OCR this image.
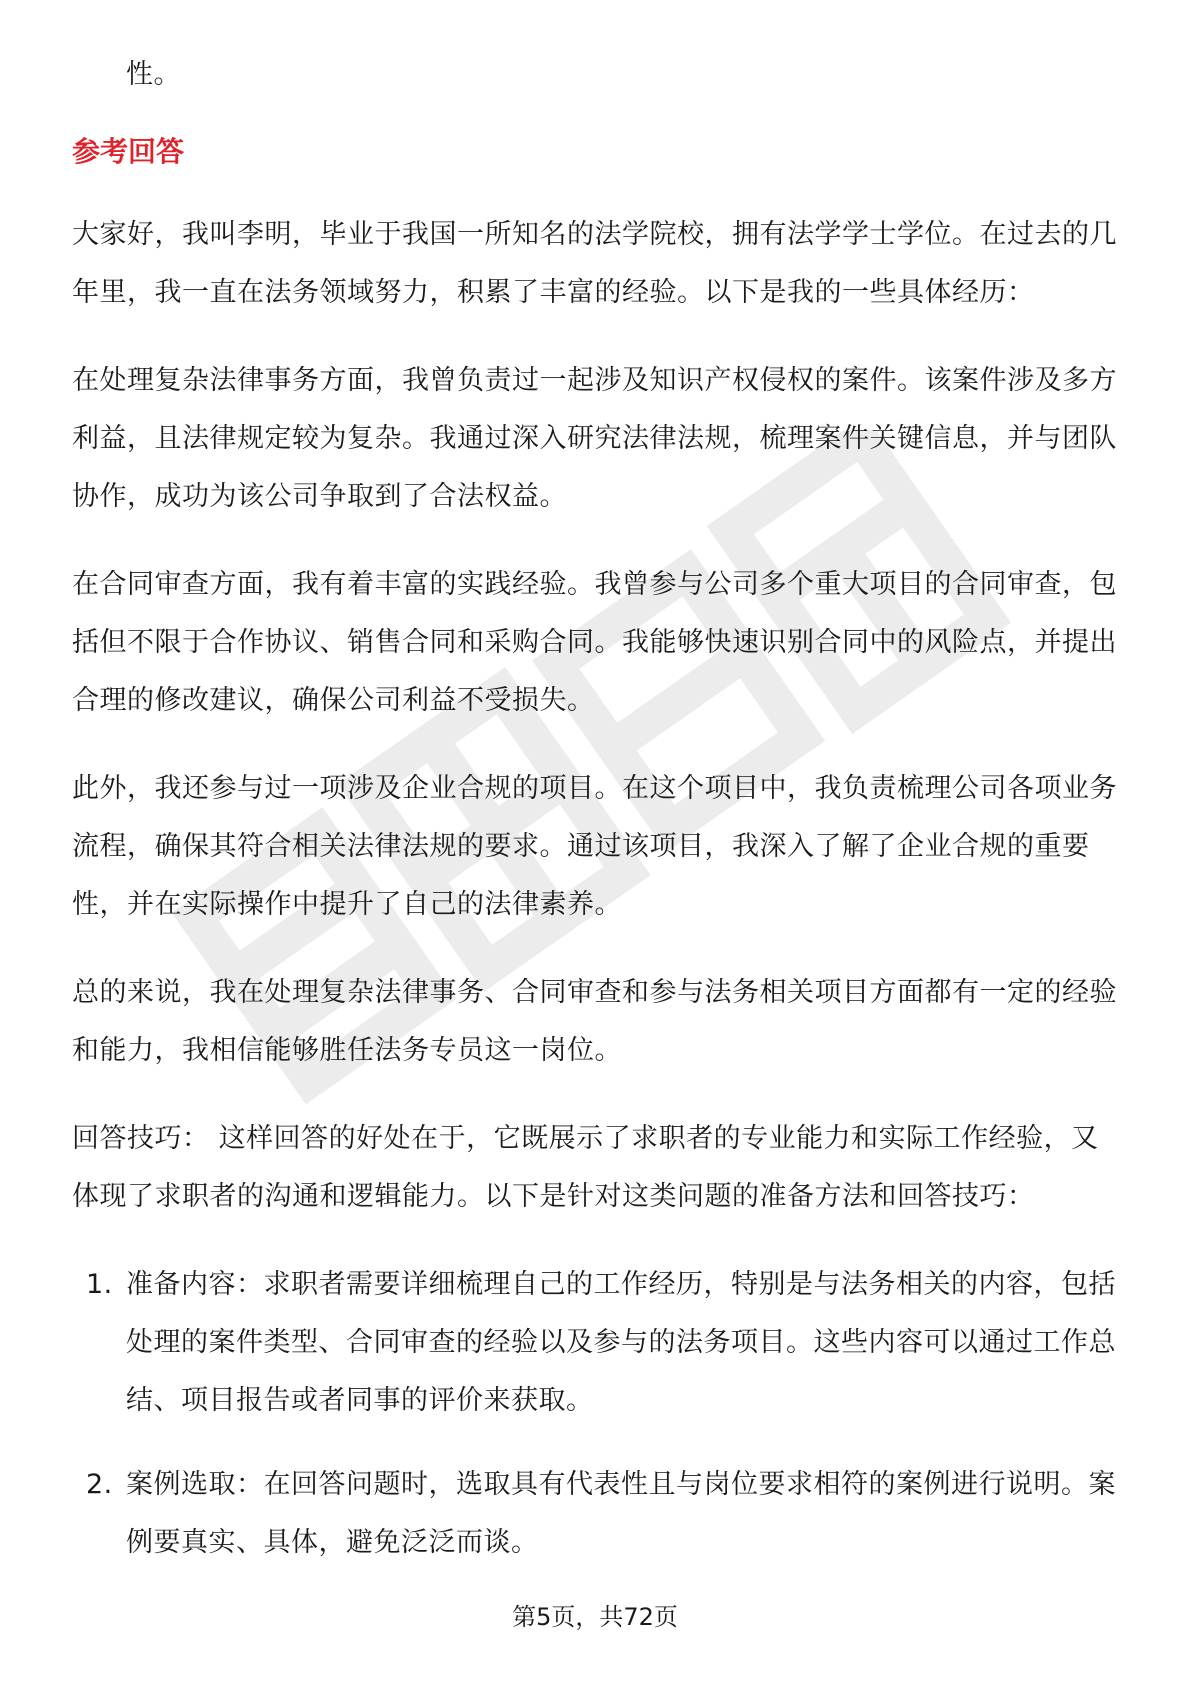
性。

参考回答

大家好，我叫李明，毕业于我国一所知名的法学院校，拥有法学学士学位。在过去的几年里，我一直在法务领域努力，积累了丰富的经验。以下是我的一些具体经历：

在处理复杂法律事务方面，我曾负责过一起涉及知识产权侵权的案件。该案件涉及多方利益，且法律规定较为复杂。我通过深入研究法律法规，梳理案件关键信息，并与团队协作，成功为该公司争取到了合法权益。

在合同审查方面，我有着丰富的实践经验。我曾参与公司多个重大项目的合同审查，包括但不限于合作协议、销售合同和采购合同。我能够快速识别合同中的风险点，并提出合理的修改建议，确保公司利益不受损失。

此外，我还参与过一项涉及企业合规的项目。在这个项目中，我负责梳理公司各项业务流程，确保其符合相关法律法规的要求。通过该项目，我深入了解了企业合规的重要性，并在实际操作中提升了自己的法律素养。

总的来说，我在处理复杂法律事务、合同审查和参与法务相关项目方面都有一定的经验和能力，我相信能够胜任法务专员这一岗位。

回答技巧： 这样回答的好处在于，它既展示了求职者的专业能力和实际工作经验，又体现了求职者的沟通和逻辑能力。以下是针对这类问题的准备方法和回答技巧：

1. 准备内容：求职者需要详细梳理自己的工作经历，特别是与法务相关的内容，包括处理的案件类型、合同审查的经验以及参与的法务项目。这些内容可以通过工作总结、项目报告或者同事的评价来获取。
2. 案例选取：在回答问题时，选取具有代表性且与岗位要求相符的案例进行说明。案例要真实、具体，避免泛泛而谈。
第5页，共72页
